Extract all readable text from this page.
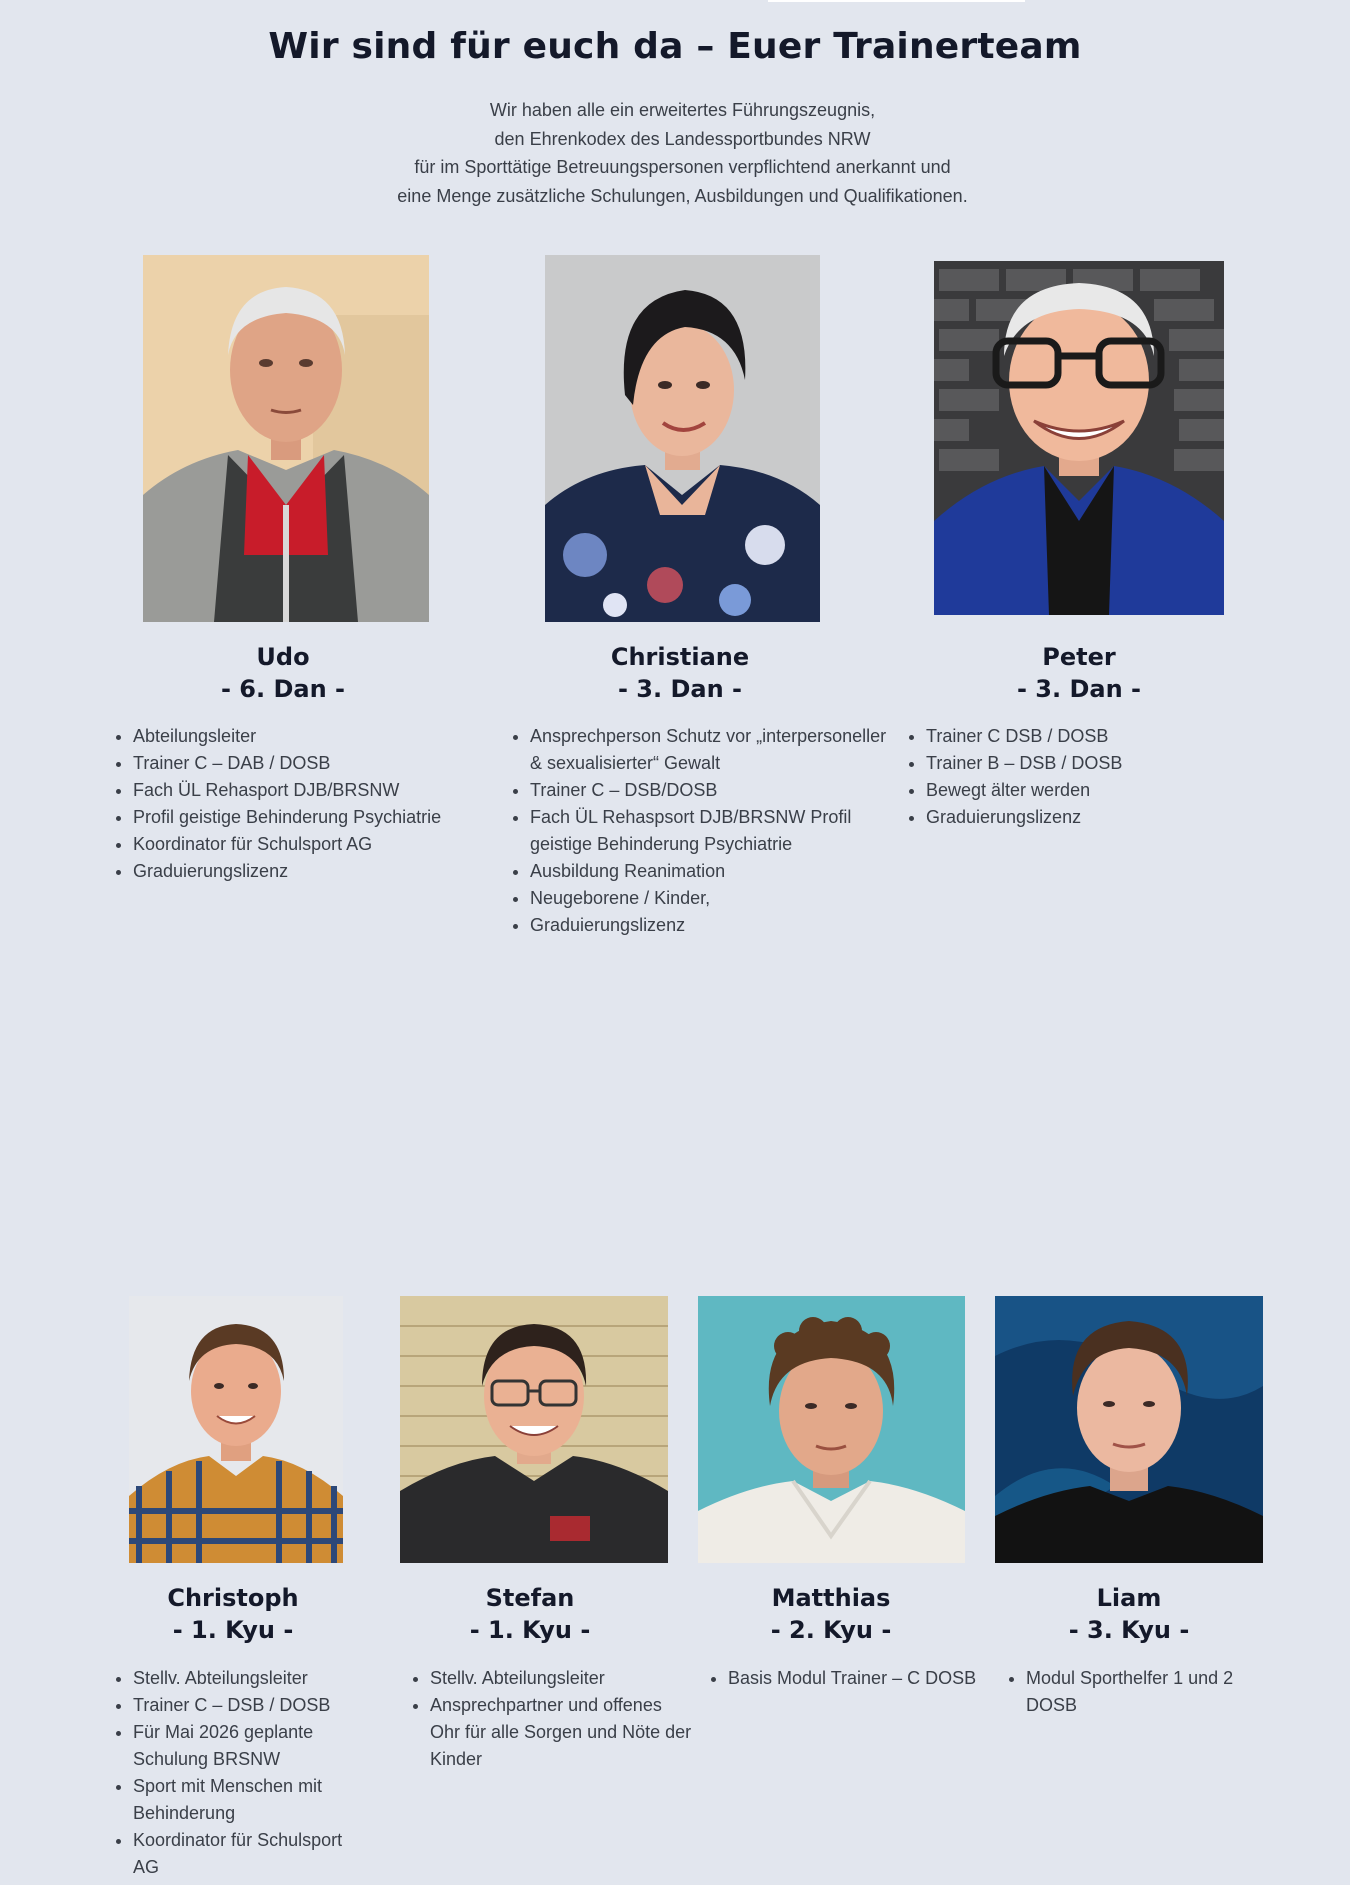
Wir sind für euch da – Euer Trainerteam
Wir haben alle ein erweitertes Führungszeugnis,
den Ehrenkodex des Landessportbundes NRW
für im Sporttätige Betreuungspersonen verpflichtend anerkannt und
eine Menge zusätzliche Schulungen, Ausbildungen und Qualifikationen.
Udo
- 6. Dan -
• Abteilungsleiter
• Trainer C – DAB / DOSB
• Fach ÜL Rehasport DJB/BRSNW
• Profil geistige Behinderung Psychiatrie
• Koordinator für Schulsport AG
• Graduierungslizenz
Christiane
- 3. Dan -
• Ansprechperson Schutz vor „interpersoneller & sexualisierter“ Gewalt
• Trainer C – DSB/DOSB
• Fach ÜL Rehaspsort DJB/BRSNW Profil geistige Behinderung Psychiatrie
• Ausbildung Reanimation
• Neugeborene / Kinder,
• Graduierungslizenz
Peter
- 3. Dan -
• Trainer C DSB / DOSB
• Trainer B – DSB / DOSB
• Bewegt älter werden
• Graduierungslizenz
Christoph
- 1. Kyu -
• Stellv. Abteilungsleiter
• Trainer C – DSB / DOSB
• Für Mai 2026 geplante Schulung BRSNW
• Sport mit Menschen mit Behinderung
• Koordinator für Schulsport AG
Stefan
- 1. Kyu -
• Stellv. Abteilungsleiter
• Ansprechpartner und offenes Ohr für alle Sorgen und Nöte der Kinder
Matthias
- 2. Kyu -
• Basis Modul Trainer – C DOSB
Liam
- 3. Kyu -
• Modul Sporthelfer 1 und 2 DOSB
